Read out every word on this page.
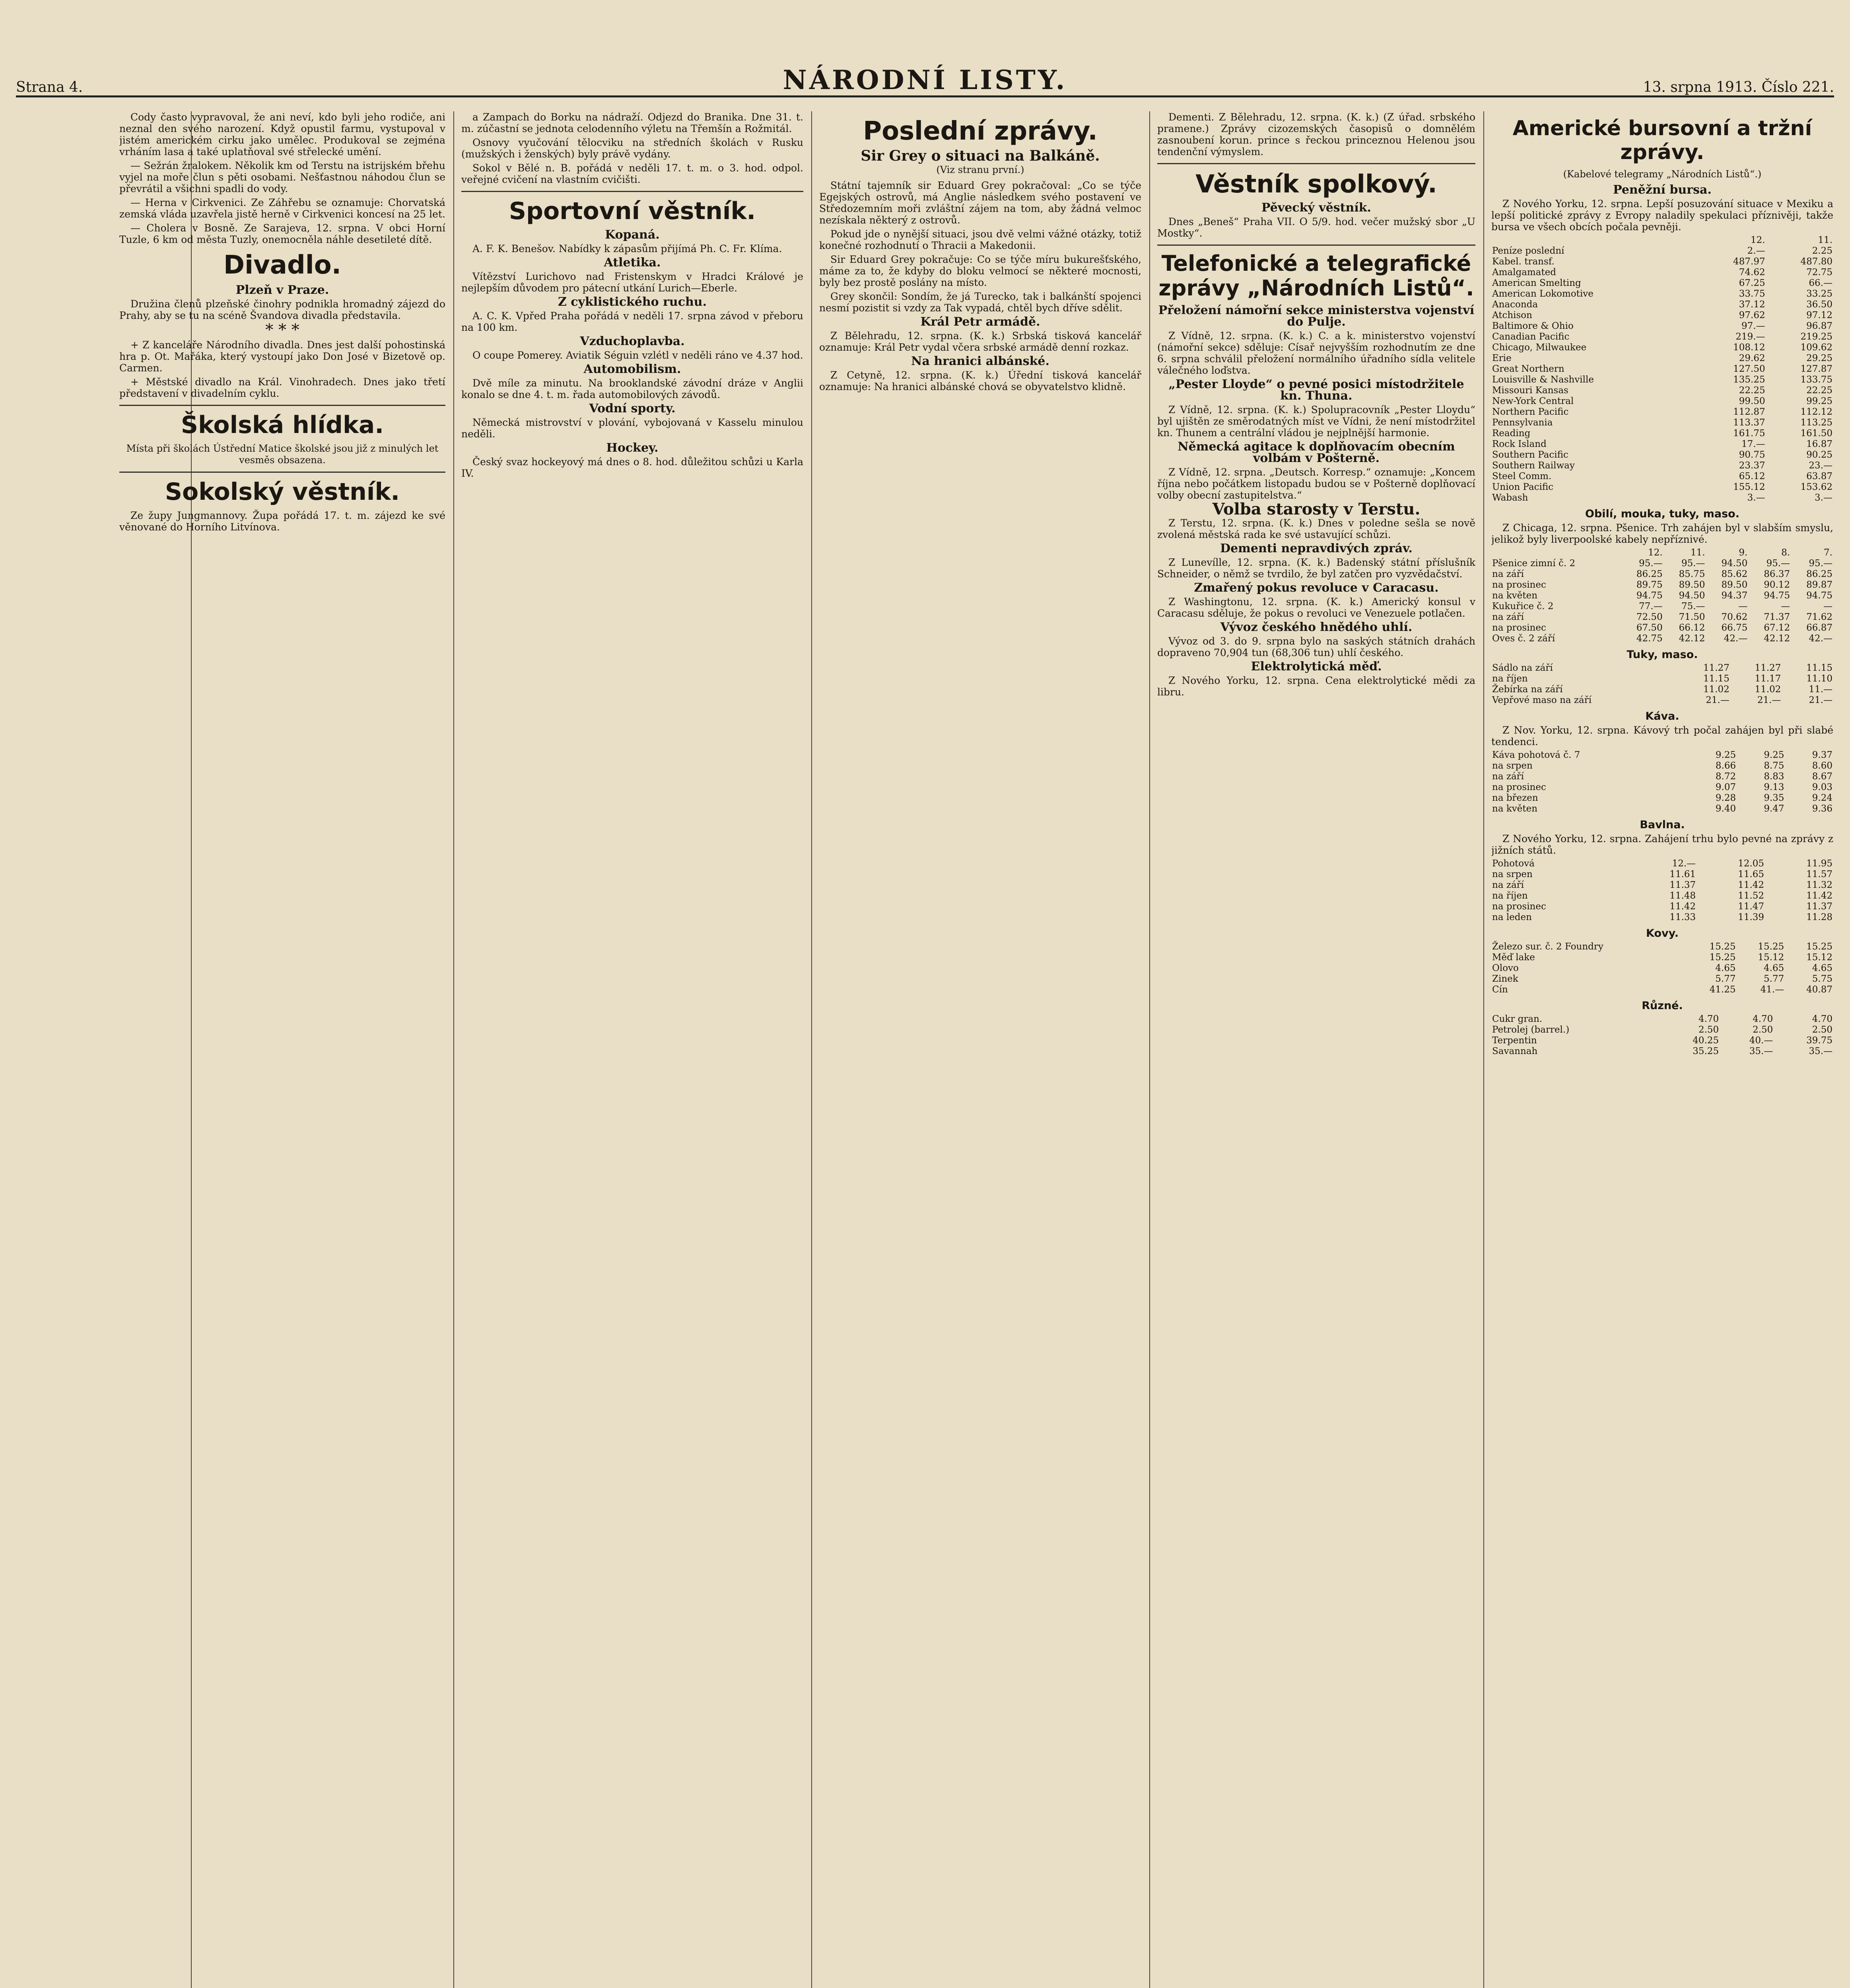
Strana 4.	NÁRODNÍ LISTY.	13. srpna 1913. Číslo 221.

Cody často vypravoval, že ani neví, kdo byli jeho rodiče, ani neznal den svého narození. Když opustil farmu, vystupoval v jistém americkém cirku jako umělec. Produkoval se zejména vrháním lasa a také uplatňoval své střelecké umění.

— Sežrán žralokem. Několik km od Terstu na istrijském břehu vyjel na moře člun s pěti osobami. Nešťastnou náhodou člun se převrátil a všichni spadli do vody.

— Herna v Cirkvenici. Ze Záhřebu se oznamuje: Chorvatská zemská vláda uzavřela jistě herně v Cirkvenici koncesí na 25 let.

— Cholera v Bosně. Ze Sarajeva, 12. srpna. V obci Horní Tuzle, 6 km od města Tuzly, onemocněla náhle desetileté dítě.

Divadlo.
Plzeň v Praze.

Družina členů plzeňské činohry podnikla hromadný zájezd do Prahy, aby se tu na scéně Švandova divadla představila.

* * *

+ Z kanceláře Národního divadla. Dnes jest další pohostinská hra p. Ot. Mařáka, který vystoupí jako Don José v Bizetově op. Carmen.

+ Městské divadlo na Král. Vinohradech. Dnes jako třetí představení v divadelním cyklu.

Školská hlídka.
Místa při školách Ústřední Matice školské jsou již z minulých let vesměs obsazena.
Sokolský věstník.

Ze župy Jungmannovy. Župa pořádá 17. t. m. zájezd ke své věnované do Horního Litvínova.

a Zampach do Borku na nádraží. Odjezd do Branika. Dne 31. t. m. zúčastní se jednota celodenního výletu na Třemšín a Rožmitál.

Osnovy vyučování tělocviku na středních školách v Rusku (mužských i ženských) byly právě vydány.

Sokol v Bělé n. B. pořádá v neděli 17. t. m. o 3. hod. odpol. veřejné cvičení na vlastním cvičišti.

Sportovní věstník.
Kopaná.

A. F. K. Benešov. Nabídky k zápasům přijímá Ph. C. Fr. Klíma.

Atletika.

Vítězství Lurichovo nad Fristenskym v Hradci Králové je nejlepším důvodem pro pátecní utkání Lurich—Eberle.

Z cyklistického ruchu.

A. C. K. Vpřed Praha pořádá v neděli 17. srpna závod v přeboru na 100 km.

Vzduchoplavba.

O coupe Pomerey. Aviatik Séguin vzlétl v neděli ráno ve 4.37 hod.

Automobilism.

Dvě míle za minutu. Na brooklandské závodní dráze v Anglii konalo se dne 4. t. m. řada automobilových závodů.

Vodní sporty.

Německá mistrovství v plování, vybojovaná v Kasselu minulou neděli.

Hockey.

Český svaz hockeyový má dnes o 8. hod. důležitou schůzi u Karla IV.

Poslední zprávy.
Sir Grey o situaci na Balkáně.
(Viz stranu první.)

Státní tajemník sir Eduard Grey pokračoval: „Co se týče Egejských ostrovů, má Anglie následkem svého postavení ve Středozemním moři zvláštní zájem na tom, aby žádná velmoc nezískala některý z ostrovů.

Pokud jde o nynější situaci, jsou dvě velmi vážné otázky, totiž konečné rozhodnutí o Thracii a Makedonii.

Sir Eduard Grey pokračuje: Co se týče míru bukurešťského, máme za to, že kdyby do bloku velmocí se některé mocnosti, byly bez prostě poslány na místo.

Grey skončil: Sondím, že já Turecko, tak i balkánští spojenci nesmí pozistit si vzdy za Tak vypadá, chtěl bych dříve sdělit.

Král Petr armádě.

Z Bělehradu, 12. srpna. (K. k.) Srbská tisková kancelář oznamuje: Král Petr vydal včera srbské armádě denní rozkaz.

Na hranici albánské.

Z Cetyně, 12. srpna. (K. k.) Úřední tisková kancelář oznamuje: Na hranici albánské chová se obyvatelstvo klidně.

Dementi. Z Bělehradu, 12. srpna. (K. k.) (Z úřad. srbského pramene.) Zprávy cizozemských časopisů o domnělém zasnoubení korun. prince s řeckou princeznou Helenou jsou tendenční výmyslem.

Věstník spolkový.
Pěvecký věstník.

Dnes „Beneš“ Praha VII. O 5/9. hod. večer mužský sbor „U Mostky“.

Telefonické a telegrafické zprávy „Národních Listů“.
Přeložení námořní sekce ministerstva vojenství do Pulje.

Z Vídně, 12. srpna. (K. k.) C. a k. ministerstvo vojenství (námořní sekce) sděluje: Císař nejvyšším rozhodnutím ze dne 6. srpna schválil přeložení normálního úřadního sídla velitele válečného loďstva.

„Pester Lloyde“ o pevné posici místodržitele kn. Thuna.

Z Vídně, 12. srpna. (K. k.) Spolupracovník „Pester Lloydu“ byl ujištěn ze směrodatných míst ve Vídni, že není místodržitel kn. Thunem a centrální vládou je nejplnější harmonie.

Německá agitace k doplňovacím obecním volbám v Pošterně.

Z Vídně, 12. srpna. „Deutsch. Korresp.“ oznamuje: „Koncem října nebo počátkem listopadu budou se v Pošterně doplňovací volby obecní zastupitelstva.“

Volba starosty v Terstu.

Z Terstu, 12. srpna. (K. k.) Dnes v poledne sešla se nově zvolená městská rada ke své ustavující schůzi.

Dementi nepravdivých zpráv.

Z Lunevílle, 12. srpna. (K. k.) Badenský státní příslušník Schneider, o němž se tvrdilo, že byl zatčen pro vyzvědačství.

Zmařený pokus revoluce v Caracasu.

Z Washingtonu, 12. srpna. (K. k.) Americký konsul v Caracasu sděluje, že pokus o revoluci ve Venezuele potlačen.

Vývoz českého hnědého uhlí.

Vývoz od 3. do 9. srpna bylo na saských státních drahách dopraveno 70,904 tun (68,306 tun) uhlí českého.

Elektrolytická měď.

Z Nového Yorku, 12. srpna. Cena elektrolytické mědi za libru.

Americké bursovní a tržní zprávy.
(Kabelové telegramy „Národních Listů“.)
Peněžní bursa.

Z Nového Yorku, 12. srpna. Lepší posuzování situace v Mexiku a lepší politické zprávy z Evropy naladily spekulaci příznivěji, takže bursa ve všech obcích počala pevněji.

	12.	11.
Peníze poslední	2.—	2.25
Kabel. transf.	487.97	487.80
Amalgamated	74.62	72.75
American Smelting	67.25	66.—
American Lokomotive	33.75	33.25
Anaconda	37.12	36.50
Atchison	97.62	97.12
Baltimore & Ohio	97.—	96.87
Canadian Pacific	219.—	219.25
Chicago, Milwaukee	108.12	109.62
Erie	29.62	29.25
Great Northern	127.50	127.87
Louisville & Nashville	135.25	133.75
Missouri Kansas	22.25	22.25
New-York Central	99.50	99.25
Northern Pacific	112.87	112.12
Pennsylvania	113.37	113.25
Reading	161.75	161.50
Rock Island	17.—	16.87
Southern Pacific	90.75	90.25
Southern Railway	23.37	23.—
Steel Comm.	65.12	63.87
Union Pacific	155.12	153.62
Wabash	3.—	3.—
Obilí, mouka, tuky, maso.

Z Chicaga, 12. srpna. Pšenice. Trh zahájen byl v slabším smyslu, jelikož byly liverpoolské kabely nepříznivé.

	12.	11.	9.	8.	7.
Pšenice zimní č. 2	95.—	95.—	94.50	95.—	95.—
na září	86.25	85.75	85.62	86.37	86.25
na prosinec	89.75	89.50	89.50	90.12	89.87
na květen	94.75	94.50	94.37	94.75	94.75
Kukuřice č. 2	77.—	75.—	—	—	—
na září	72.50	71.50	70.62	71.37	71.62
na prosinec	67.50	66.12	66.75	67.12	66.87
Oves č. 2 září	42.75	42.12	42.—	42.12	42.—
Tuky, maso.
Sádlo na září	11.27	11.27	11.15
na říjen	11.15	11.17	11.10
Žebírka na září	11.02	11.02	11.—
Vepřové maso na září	21.—	21.—	21.—
Káva.

Z Nov. Yorku, 12. srpna. Kávový trh počal zahájen byl při slabé tendenci.

Káva pohotová č. 7	9.25	9.25	9.37
na srpen	8.66	8.75	8.60
na září	8.72	8.83	8.67
na prosinec	9.07	9.13	9.03
na březen	9.28	9.35	9.24
na květen	9.40	9.47	9.36
Bavlna.

Z Nového Yorku, 12. srpna. Zahájení trhu bylo pevné na zprávy z jižních států.

Pohotová	12.—	12.05	11.95
na srpen	11.61	11.65	11.57
na září	11.37	11.42	11.32
na říjen	11.48	11.52	11.42
na prosinec	11.42	11.47	11.37
na leden	11.33	11.39	11.28
Kovy.
Železo sur. č. 2 Foundry	15.25	15.25	15.25
Měď lake	15.25	15.12	15.12
Olovo	4.65	4.65	4.65
Zinek	5.77	5.77	5.75
Cín	41.25	41.—	40.87
Různé.
Cukr gran.	4.70	4.70	4.70
Petrolej (barrel.)	2.50	2.50	2.50
Terpentin	40.25	40.—	39.75
Savannah	35.25	35.—	35.—
